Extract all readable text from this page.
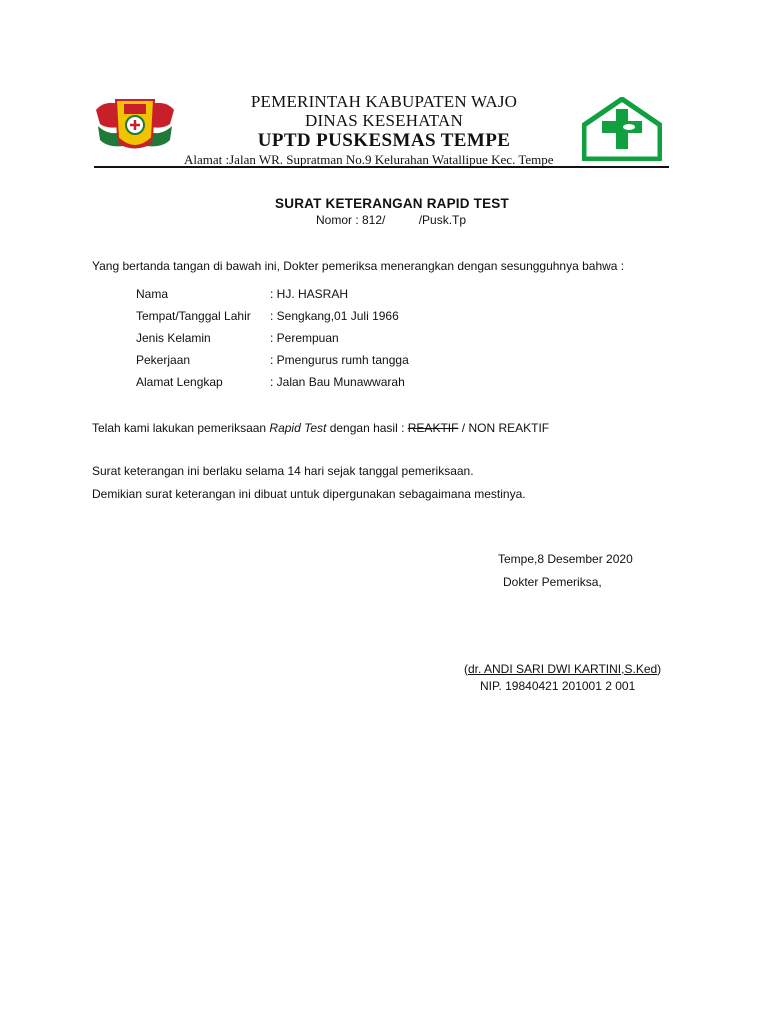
PEMERINTAH KABUPATEN WAJO
DINAS KESEHATAN
UPTD PUSKESMAS TEMPE
Alamat :Jalan WR. Supratman No.9 Kelurahan Watallipue Kec. Tempe
SURAT KETERANGAN RAPID TEST
Nomor : 812/          /Pusk.Tp
Yang bertanda tangan di bawah ini, Dokter pemeriksa menerangkan dengan sesungguhnya bahwa :
Nama	: HJ. HASRAH
Tempat/Tanggal Lahir : Sengkang,01 Juli 1966
Jenis Kelamin	: Perempuan
Pekerjaan	: Pmengurus rumh tangga
Alamat Lengkap	: Jalan Bau Munawwarah
Telah kami lakukan pemeriksaan Rapid Test dengan hasil : REAKTIF / NON REAKTIF
Surat keterangan ini berlaku selama 14 hari sejak tanggal pemeriksaan.
Demikian surat keterangan ini dibuat untuk dipergunakan sebagaimana mestinya.
Tempe,8 Desember 2020
Dokter Pemeriksa,
(dr. ANDI SARI DWI KARTINI,S.Ked)
NIP. 19840421 201001 2 001
